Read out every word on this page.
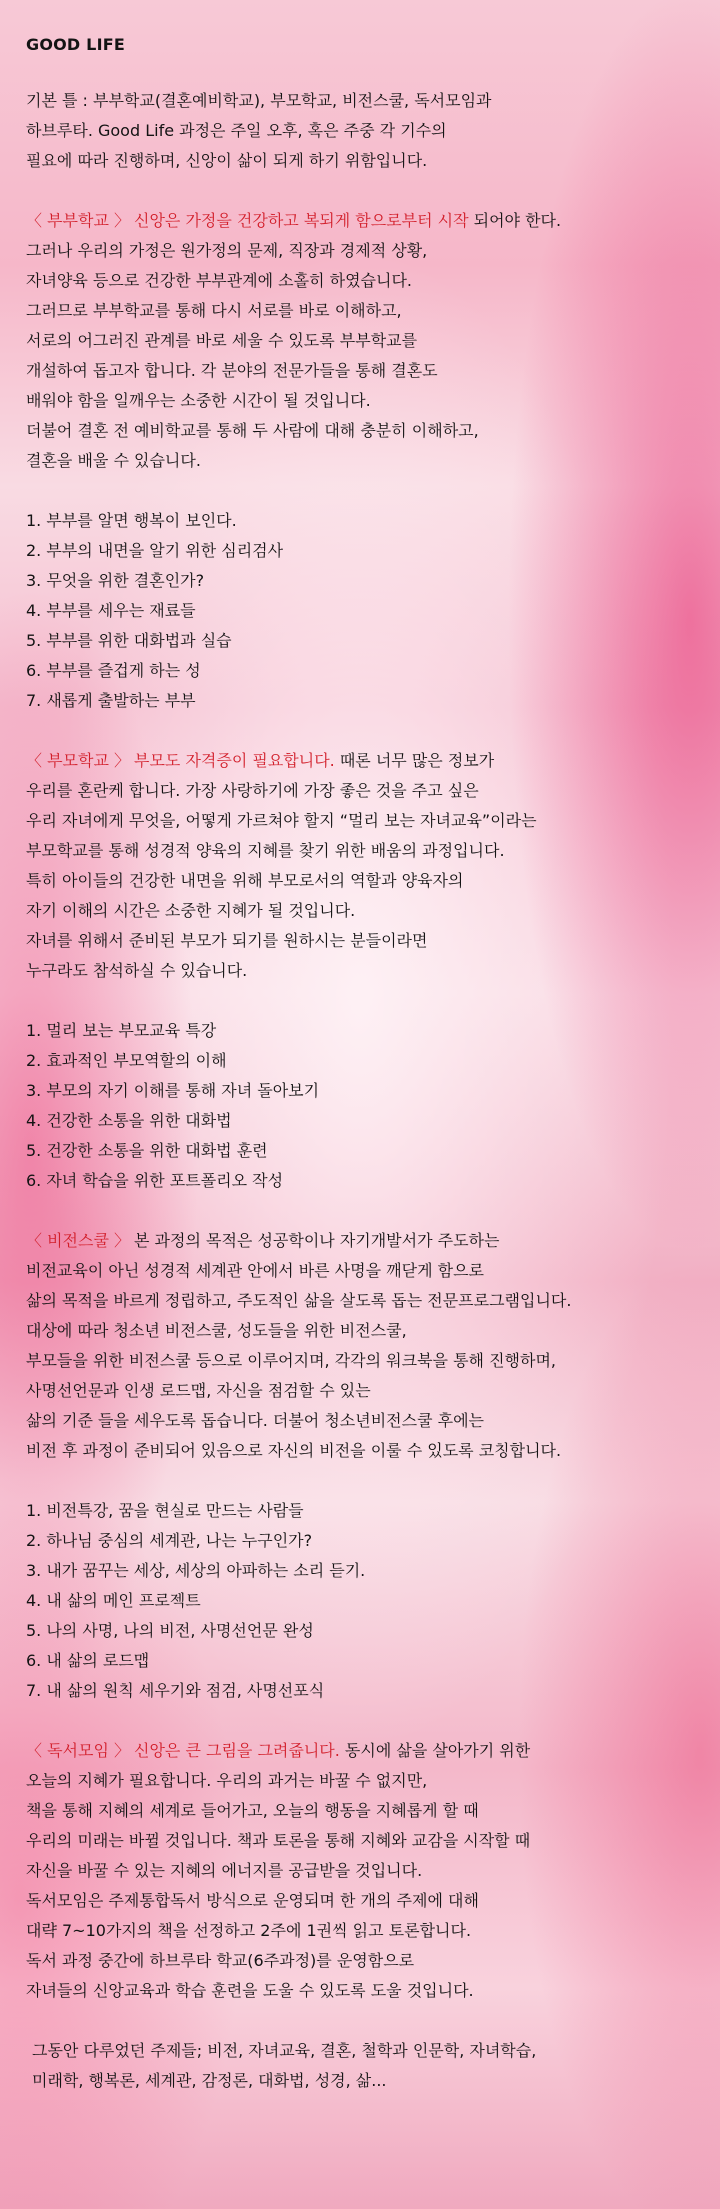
GOOD LIFE
기본 틀 : 부부학교(결혼예비학교), 부모학교, 비전스쿨, 독서모임과
하브루타. Good Life 과정은 주일 오후, 혹은 주중 각 기수의
필요에 따라 진행하며, 신앙이 삶이 되게 하기 위함입니다.
〈 부부학교 〉 신앙은 가정을 건강하고 복되게 함으로부터 시작 되어야 한다.
그러나 우리의 가정은 원가정의 문제, 직장과 경제적 상황,
자녀양육 등으로 건강한 부부관계에 소홀히 하였습니다.
그러므로 부부학교를 통해 다시 서로를 바로 이해하고,
서로의 어그러진 관계를 바로 세울 수 있도록 부부학교를
개설하여 돕고자 합니다. 각 분야의 전문가들을 통해 결혼도
배워야 함을 일깨우는 소중한 시간이 될 것입니다.
더불어 결혼 전 예비학교를 통해 두 사람에 대해 충분히 이해하고,
결혼을 배울 수 있습니다.
1. 부부를 알면 행복이 보인다.
2. 부부의 내면을 알기 위한 심리검사
3. 무엇을 위한 결혼인가?
4. 부부를 세우는 재료들
5. 부부를 위한 대화법과 실습
6. 부부를 즐겁게 하는 성
7. 새롭게 출발하는 부부
〈 부모학교 〉 부모도 자격증이 필요합니다. 때론 너무 많은 정보가
우리를 혼란케 합니다. 가장 사랑하기에 가장 좋은 것을 주고 싶은
우리 자녀에게 무엇을, 어떻게 가르쳐야 할지 “멀리 보는 자녀교육”이라는
부모학교를 통해 성경적 양육의 지혜를 찾기 위한 배움의 과정입니다.
특히 아이들의 건강한 내면을 위해 부모로서의 역할과 양육자의
자기 이해의 시간은 소중한 지혜가 될 것입니다.
자녀를 위해서 준비된 부모가 되기를 원하시는 분들이라면
누구라도 참석하실 수 있습니다.
1. 멀리 보는 부모교육 특강
2. 효과적인 부모역할의 이해
3. 부모의 자기 이해를 통해 자녀 돌아보기
4. 건강한 소통을 위한 대화법
5. 건강한 소통을 위한 대화법 훈련
6. 자녀 학습을 위한 포트폴리오 작성
〈 비전스쿨 〉 본 과정의 목적은 성공학이나 자기개발서가 주도하는
비전교육이 아닌 성경적 세계관 안에서 바른 사명을 깨닫게 함으로
삶의 목적을 바르게 정립하고, 주도적인 삶을 살도록 돕는 전문프로그램입니다.
대상에 따라 청소년 비전스쿨, 성도들을 위한 비전스쿨,
부모들을 위한 비전스쿨 등으로 이루어지며, 각각의 워크북을 통해 진행하며,
사명선언문과 인생 로드맵, 자신을 점검할 수 있는
삶의 기준 들을 세우도록 돕습니다. 더불어 청소년비전스쿨 후에는
비전 후 과정이 준비되어 있음으로 자신의 비전을 이룰 수 있도록 코칭합니다.
1. 비전특강, 꿈을 현실로 만드는 사람들
2. 하나님 중심의 세계관, 나는 누구인가?
3. 내가 꿈꾸는 세상, 세상의 아파하는 소리 듣기.
4. 내 삶의 메인 프로젝트
5. 나의 사명, 나의 비전, 사명선언문 완성
6. 내 삶의 로드맵
7. 내 삶의 원칙 세우기와 점검, 사명선포식
〈 독서모임 〉 신앙은 큰 그림을 그려줍니다. 동시에 삶을 살아가기 위한
오늘의 지혜가 필요합니다. 우리의 과거는 바꿀 수 없지만,
책을 통해 지혜의 세계로 들어가고, 오늘의 행동을 지혜롭게 할 때
우리의 미래는 바뀔 것입니다. 책과 토론을 통해 지혜와 교감을 시작할 때
자신을 바꿀 수 있는 지혜의 에너지를 공급받을 것입니다.
독서모임은 주제통합독서 방식으로 운영되며 한 개의 주제에 대해
대략 7~10가지의 책을 선정하고 2주에 1권씩 읽고 토론합니다.
독서 과정 중간에 하브루타 학교(6주과정)를 운영함으로
자녀들의 신앙교육과 학습 훈련을 도울 수 있도록 도울 것입니다.
그동안 다루었던 주제들; 비전, 자녀교육, 결혼, 철학과 인문학, 자녀학습,
미래학, 행복론, 세계관, 감정론, 대화법, 성경, 삶...
